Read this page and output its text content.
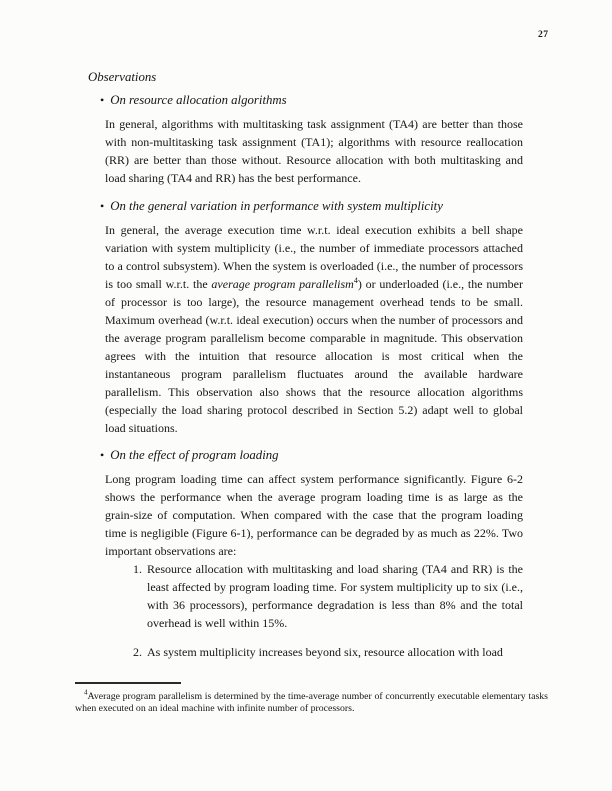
27
Observations
• On resource allocation algorithms

In general, algorithms with multitasking task assignment (TA4) are better than those with non-multitasking task assignment (TA1); algorithms with resource reallocation (RR) are better than those without. Resource allocation with both multitasking and load sharing (TA4 and RR) has the best performance.

• On the general variation in performance with system multiplicity

In general, the average execution time w.r.t. ideal execution exhibits a bell shape variation with system multiplicity (i.e., the number of immediate processors attached to a control subsystem). When the system is overloaded (i.e., the number of processors is too small w.r.t. the average program parallelism$^4$) or underloaded (i.e., the number of processor is too large), the resource management overhead tends to be small. Maximum overhead (w.r.t. ideal execution) occurs when the number of processors and the average program parallelism become comparable in magnitude. This observation agrees with the intuition that resource allocation is most critical when the instantaneous program parallelism fluctuates around the available hardware parallelism. This observation also shows that the resource allocation algorithms (especially the load sharing protocol described in Section 5.2) adapt well to global load situations.

• On the effect of program loading

Long program loading time can affect system performance significantly. Figure 6-2 shows the performance when the average program loading time is as large as the grain-size of computation. When compared with the case that the program loading time is negligible (Figure 6-1), performance can be degraded by as much as 22%. Two important observations are:

1. Resource allocation with multitasking and load sharing (TA4 and RR) is the least affected by program loading time. For system multiplicity up to six (i.e., with 36 processors), performance degradation is less than 8% and the total overhead is well within 15%.
2. As system multiplicity increases beyond six, resource allocation with load
$^4$Average program parallelism is determined by the time-average number of concurrently executable elementary tasks when executed on an ideal machine with infinite number of processors.
